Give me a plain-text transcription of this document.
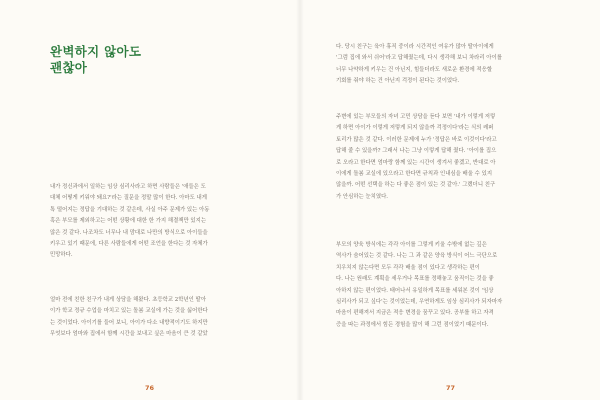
완벽하지 않아도
괜찮아
내가 정신과에서 일하는 임상 심리사라고 하면 사람들은 '애들은 도
대체 어떻게 키워야 돼요?'라는 질문을 정말 많이 한다. 아마도 내게
톡 떨어지는 정답을 기대하는 것 같은데, 사실 아주 문제가 있는 아동
혹은 부모를 제외하고는 어떤 상황에 대한 한 가지 해결책만 있지는
않은 것 같다. 나조차도 너무나 내 맘대로 나만의 방식으로 아이들을
키우고 있기 때문에, 다른 사람들에게 어떤 조언을 한다는 것 자체가
민망하다.
얼마 전에 친한 친구가 내게 상담을 해왔다. 초등학교 2학년인 딸아
이가 학교 정규 수업을 마치고 있는 돌봄 교실에 가는 것을 싫어한다
는 것이었다. 아이기를 들어 보니, 아이가 다소 내향적이기도 하지만
무엇보다 엄마와 집에서 함께 시간을 보내고 싶은 마음이 큰 것 같았
76
다. 당시 친구는 육아 휴직 중이라 시간적인 여유가 많아 딸아이에게
'그럼 집에 와서 쉬어'라고 답해줬는데, 다시 생각해 보니 차라리 아이를
너무 나약하게 키우는 건 아닌지, 힘들더라도 새로운 환경에 적응할
기회를 줘야 하는 건 아닌지 걱정이 된다는 것이었다.
주변에 있는 부모들의 자녀 고민 상담을 듣다 보면 '내가 이렇게 저렇
게 하면 아이가 이렇게 저렇게 되지 않을까 걱정이다'라는 식의 레퍼
토리가 많은 것 같다. 이러한 문제에 누가 '정답은 바로 이것이다'라고
답해 줄 수 있을까? 그래서 나는 그냥 이렇게 답해 줬다. '아이를 집으
로 오라고 한다면 엄마랑 함께 있는 시간이 생겨서 좋겠고, 반대로 아
이에게 돌봄 교실에 있으라고 한다면 규칙과 인내심을 배울 수 있지
않을까. 어떤 선택을 하는 다 좋은 점이 있는 것 같아.' 그랬더니 친구
가 안심하는 눈치였다.
부모의 양육 방식에는 각각 아이를 그렇게 키울 수밖에 없는 깊은
역사가 숨어있는 것 같다. 나는 그 과 같은 양육 방식이 어느 극단으로
치우치지 않는다면 모두 각각 배울 점이 있다고 생각하는 편이
다. 나는 원래도 계획을 세우거나 목표를 정해놓고 움직이는 것을 좋
아하지 않는 편이었다. 태어나서 유일하게 목표를 세워본 것이 '임상
심리사가 되고 싶다'는 것이었는데, 우연하게도 임상 심리사가 되자마자
마음이 편해져서 지금은 적응 변경을 꿈꾸고 있다. 공부를 하고 자격
증을 따는 과정에서 힘든 경험을 많이 해 그런 점이었기 때문이다.
77
